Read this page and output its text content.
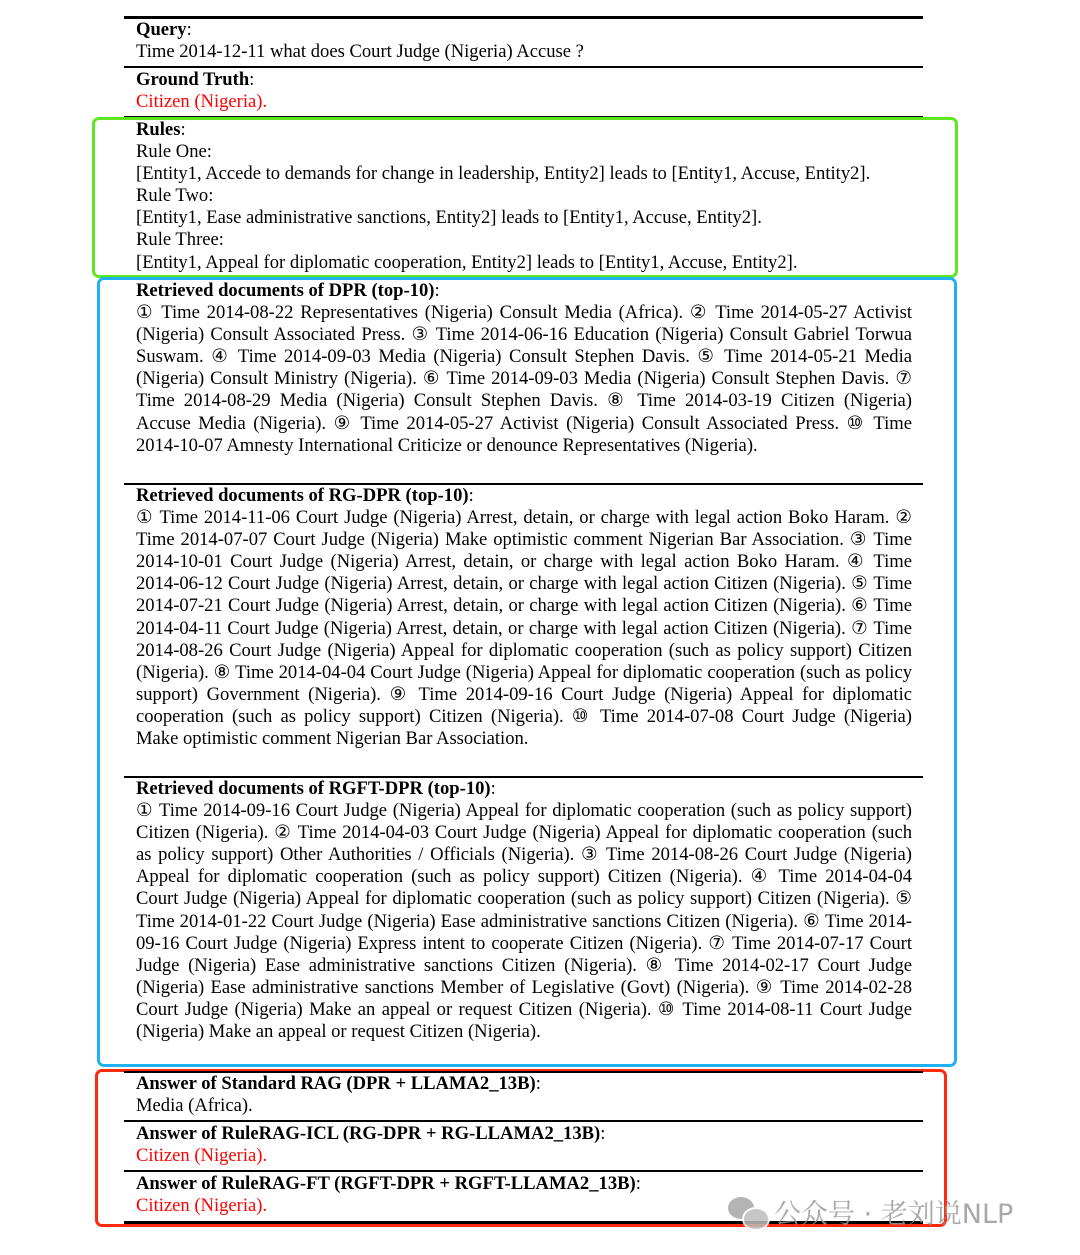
Query:
Time 2014-12-11 what does Court Judge (Nigeria) Accuse ?
Ground Truth:
Citizen (Nigeria).
Rules:
Rule One:
[Entity1, Accede to demands for change in leadership, Entity2] leads to [Entity1, Accuse, Entity2].
Rule Two:
[Entity1, Ease administrative sanctions, Entity2] leads to [Entity1, Accuse, Entity2].
Rule Three:
[Entity1, Appeal for diplomatic cooperation, Entity2] leads to [Entity1, Accuse, Entity2].
Retrieved documents of DPR (top-10):
① Time 2014-08-22 Representatives (Nigeria) Consult Media (Africa). ② Time 2014-05-27 Activist (Nigeria) Consult Associated Press. ③ Time 2014-06-16 Education (Nigeria) Consult Gabriel Torwua Suswam. ④ Time 2014-09-03 Media (Nigeria) Consult Stephen Davis. ⑤ Time 2014-05-21 Media (Nigeria) Consult Ministry (Nigeria). ⑥ Time 2014-09-03 Media (Nigeria) Consult Stephen Davis. ⑦ Time 2014-08-29 Media (Nigeria) Consult Stephen Davis. ⑧ Time 2014-03-19 Citizen (Nigeria) Accuse Media (Nigeria). ⑨ Time 2014-05-27 Activist (Nigeria) Consult Associated Press. ⑩ Time 2014-10-07 Amnesty International Criticize or denounce Representatives (Nigeria).
Retrieved documents of RG-DPR (top-10):
① Time 2014-11-06 Court Judge (Nigeria) Arrest, detain, or charge with legal action Boko Haram. ② Time 2014-07-07 Court Judge (Nigeria) Make optimistic comment Nigerian Bar Association. ③ Time 2014-10-01 Court Judge (Nigeria) Arrest, detain, or charge with legal action Boko Haram. ④ Time 2014-06-12 Court Judge (Nigeria) Arrest, detain, or charge with legal action Citizen (Nigeria). ⑤ Time 2014-07-21 Court Judge (Nigeria) Arrest, detain, or charge with legal action Citizen (Nigeria). ⑥ Time 2014-04-11 Court Judge (Nigeria) Arrest, detain, or charge with legal action Citizen (Nigeria). ⑦ Time 2014-08-26 Court Judge (Nigeria) Appeal for diplomatic cooperation (such as policy support) Citizen (Nigeria). ⑧ Time 2014-04-04 Court Judge (Nigeria) Appeal for diplomatic cooperation (such as policy support) Government (Nigeria). ⑨ Time 2014-09-16 Court Judge (Nigeria) Appeal for diplomatic cooperation (such as policy support) Citizen (Nigeria). ⑩ Time 2014-07-08 Court Judge (Nigeria) Make optimistic comment Nigerian Bar Association.
Retrieved documents of RGFT-DPR (top-10):
① Time 2014-09-16 Court Judge (Nigeria) Appeal for diplomatic cooperation (such as policy support) Citizen (Nigeria). ② Time 2014-04-03 Court Judge (Nigeria) Appeal for diplomatic cooperation (such as policy support) Other Authorities / Officials (Nigeria). ③ Time 2014-08-26 Court Judge (Nigeria) Appeal for diplomatic cooperation (such as policy support) Citizen (Nigeria). ④ Time 2014-04-04 Court Judge (Nigeria) Appeal for diplomatic cooperation (such as policy support) Citizen (Nigeria). ⑤ Time 2014-01-22 Court Judge (Nigeria) Ease administrative sanctions Citizen (Nigeria). ⑥ Time 2014-09-16 Court Judge (Nigeria) Express intent to cooperate Citizen (Nigeria). ⑦ Time 2014-07-17 Court Judge (Nigeria) Ease administrative sanctions Citizen (Nigeria). ⑧ Time 2014-02-17 Court Judge (Nigeria) Ease administrative sanctions Member of Legislative (Govt) (Nigeria). ⑨ Time 2014-02-28 Court Judge (Nigeria) Make an appeal or request Citizen (Nigeria). ⑩ Time 2014-08-11 Court Judge (Nigeria) Make an appeal or request Citizen (Nigeria).
Answer of Standard RAG (DPR + LLAMA2_13B):
Media (Africa).
Answer of RuleRAG-ICL (RG-DPR + RG-LLAMA2_13B):
Citizen (Nigeria).
Answer of RuleRAG-FT (RGFT-DPR + RGFT-LLAMA2_13B):
Citizen (Nigeria).	公众号 · 老刘说NLP
